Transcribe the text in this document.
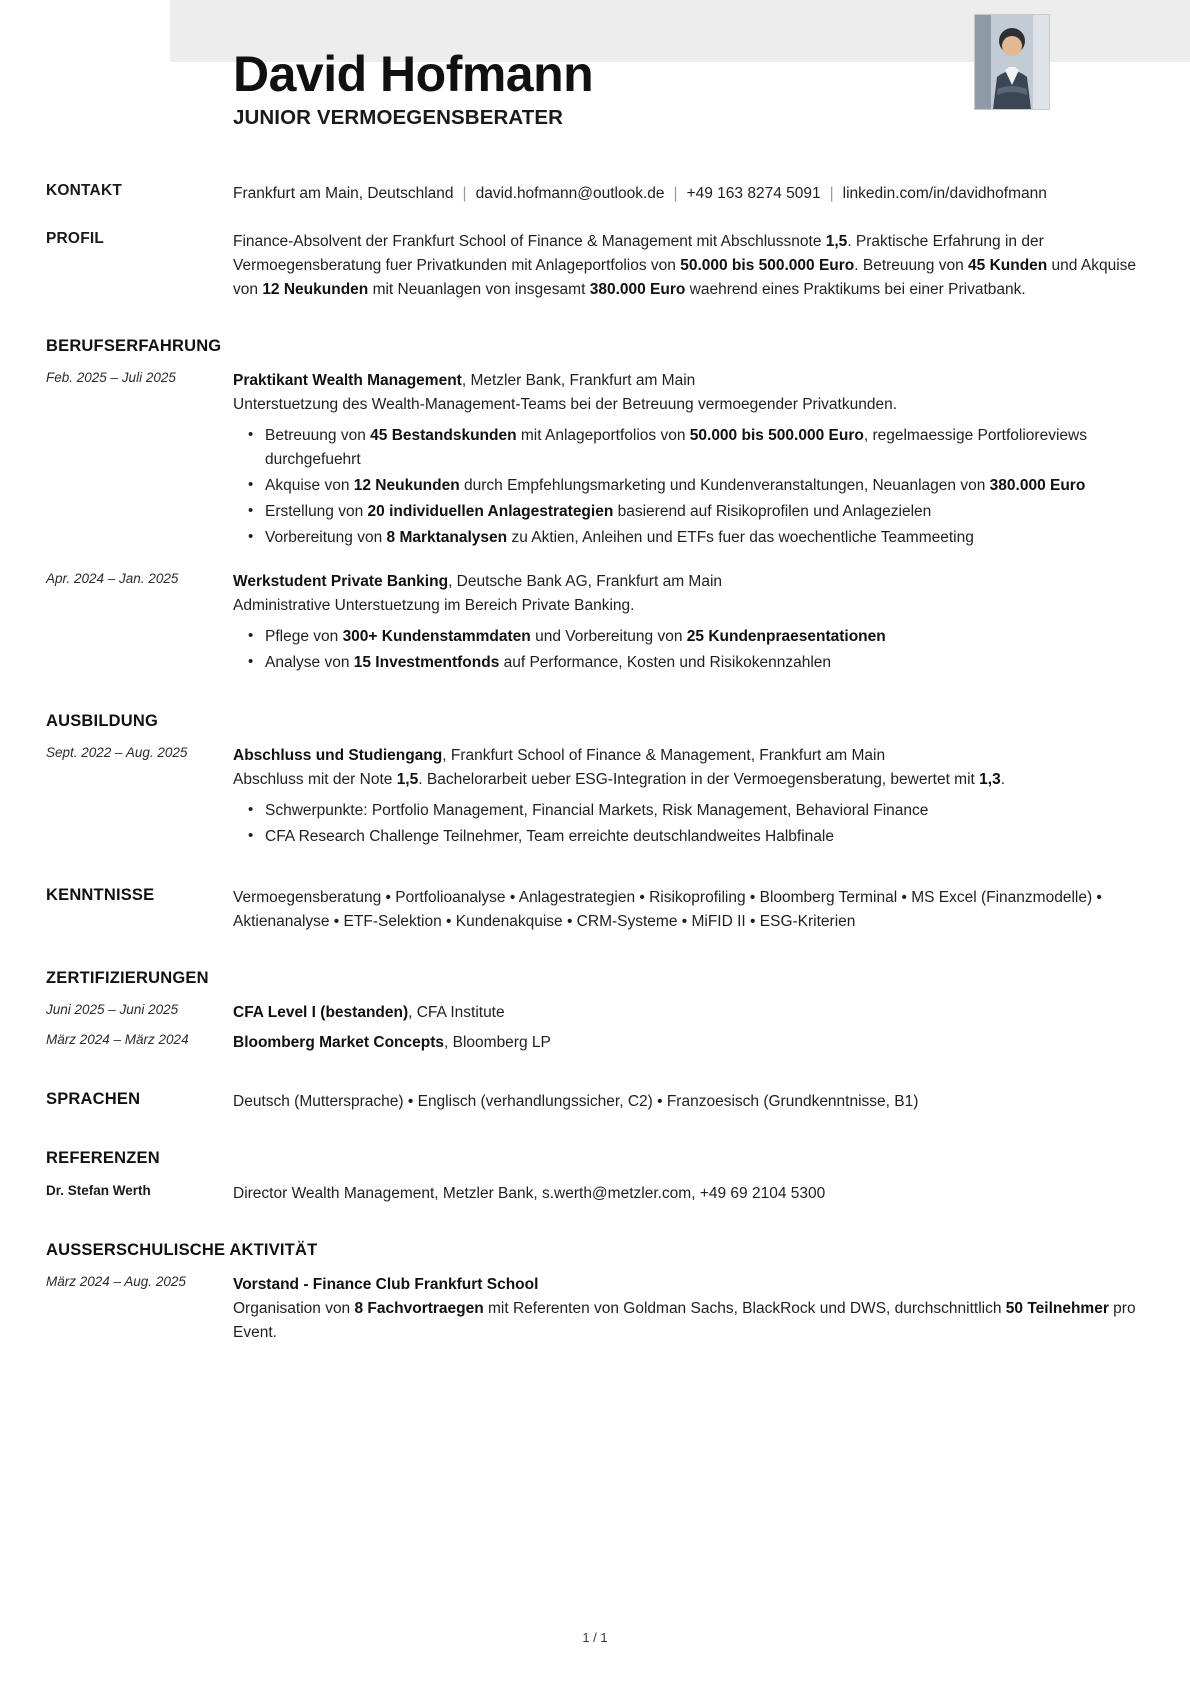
David Hofmann
JUNIOR VERMOEGENSBERATER
KONTAKT	Frankfurt am Main, Deutschland | david.hofmann@outlook.de | +49 163 8274 5091 | linkedin.com/in/davidhofmann

PROFIL	Finance-Absolvent der Frankfurt School of Finance & Management mit Abschlussnote 1,5. Praktische Erfahrung in der Vermoegensberatung fuer Privatkunden mit Anlageportfolios von 50.000 bis 500.000 Euro. Betreuung von 45 Kunden und Akquise von 12 Neukunden mit Neuanlagen von insgesamt 380.000 Euro waehrend eines Praktikums bei einer Privatbank.

BERUFSERFAHRUNG
Feb. 2025 – Juli 2025	Praktikant Wealth Management, Metzler Bank, Frankfurt am Main

Unterstuetzung des Wealth-Management-Teams bei der Betreuung vermoegender Privatkunden.

• Betreuung von 45 Bestandskunden mit Anlageportfolios von 50.000 bis 500.000 Euro, regelmaessige Portfolioreviews durchgefuehrt
• Akquise von 12 Neukunden durch Empfehlungsmarketing und Kundenveranstaltungen, Neuanlagen von 380.000 Euro
• Erstellung von 20 individuellen Anlagestrategien basierend auf Risikoprofilen und Anlagezielen
• Vorbereitung von 8 Marktanalysen zu Aktien, Anleihen und ETFs fuer das woechentliche Teammeeting
Apr. 2024 – Jan. 2025	Werkstudent Private Banking, Deutsche Bank AG, Frankfurt am Main

Administrative Unterstuetzung im Bereich Private Banking.

• Pflege von 300+ Kundenstammdaten und Vorbereitung von 25 Kundenpraesentationen
• Analyse von 15 Investmentfonds auf Performance, Kosten und Risikokennzahlen
AUSBILDUNG
Sept. 2022 – Aug. 2025	Abschluss und Studiengang, Frankfurt School of Finance & Management, Frankfurt am Main

Abschluss mit der Note 1,5. Bachelorarbeit ueber ESG-Integration in der Vermoegensberatung, bewertet mit 1,3.

• Schwerpunkte: Portfolio Management, Financial Markets, Risk Management, Behavioral Finance
• CFA Research Challenge Teilnehmer, Team erreichte deutschlandweites Halbfinale
KENNTNISSE	Vermoegensberatung • Portfolioanalyse • Anlagestrategien • Risikoprofiling • Bloomberg Terminal • MS Excel (Finanzmodelle) • Aktienanalyse • ETF-Selektion • Kundenakquise • CRM-Systeme • MiFID II • ESG-Kriterien

ZERTIFIZIERUNGEN
Juni 2025 – Juni 2025	CFA Level I (bestanden), CFA Institute

März 2024 – März 2024	Bloomberg Market Concepts, Bloomberg LP

SPRACHEN	Deutsch (Muttersprache) • Englisch (verhandlungssicher, C2) • Franzoesisch (Grundkenntnisse, B1)

REFERENZEN
Dr. Stefan Werth	Director Wealth Management, Metzler Bank, s.werth@metzler.com, +49 69 2104 5300

AUSSERSCHULISCHE AKTIVITÄT
März 2024 – Aug. 2025	Vorstand - Finance Club Frankfurt School

Organisation von 8 Fachvortraegen mit Referenten von Goldman Sachs, BlackRock und DWS, durchschnittlich 50 Teilnehmer pro Event.

1 / 1
